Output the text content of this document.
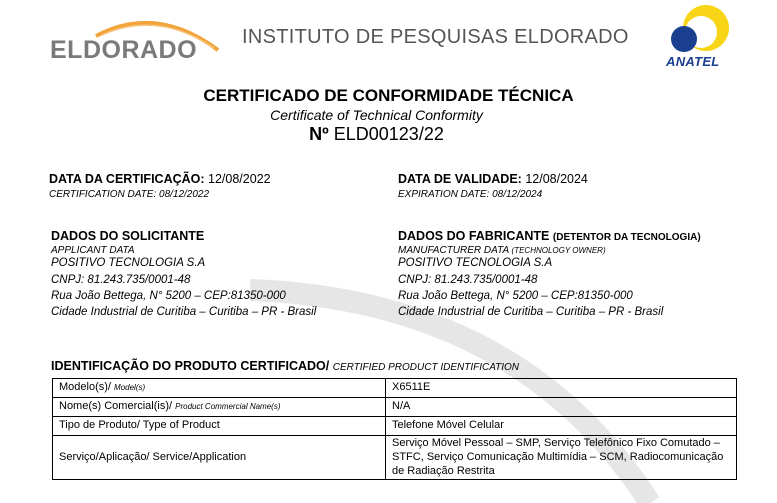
ELDORADO INSTITUTO DE PESQUISAS ELDORADO
ANATEL
CERTIFICADO DE CONFORMIDADE TÉCNICA
Certificate of Technical Conformity
Nº ELD00123/22
DATA DA CERTIFICAÇÃO: 12/08/2022
CERTIFICATION DATE: 08/12/2022
DATA DE VALIDADE: 12/08/2024
EXPIRATION DATE: 08/12/2024
DADOS DO SOLICITANTE
APPLICANT DATA
POSITIVO TECNOLOGIA S.A
CNPJ: 81.243.735/0001-48
Rua João Bettega, N° 5200 – CEP:81350-000
Cidade Industrial de Curitiba – Curitiba – PR - Brasil
DADOS DO FABRICANTE (DETENTOR DA TECNOLOGIA)
MANUFACTURER DATA (TECHNOLOGY OWNER)
POSITIVO TECNOLOGIA S.A
CNPJ: 81.243.735/0001-48
Rua João Bettega, N° 5200 – CEP:81350-000
Cidade Industrial de Curitiba – Curitiba – PR - Brasil
IDENTIFICAÇÃO DO PRODUTO CERTIFICADO/ CERTIFIED PRODUCT IDENTIFICATION
Modelo(s)/ Model(s)	X6511E
Nome(s) Comercial(is)/ Product Commercial Name(s)	N/A
Tipo de Produto/ Type of Product	Telefone Móvel Celular
Serviço/Aplicação/ Service/Application	Serviço Móvel Pessoal – SMP, Serviço Telefônico Fixo Comutado – STFC, Serviço Comunicação Multimídia – SCM, Radiocomunicação de Radiação Restrita
